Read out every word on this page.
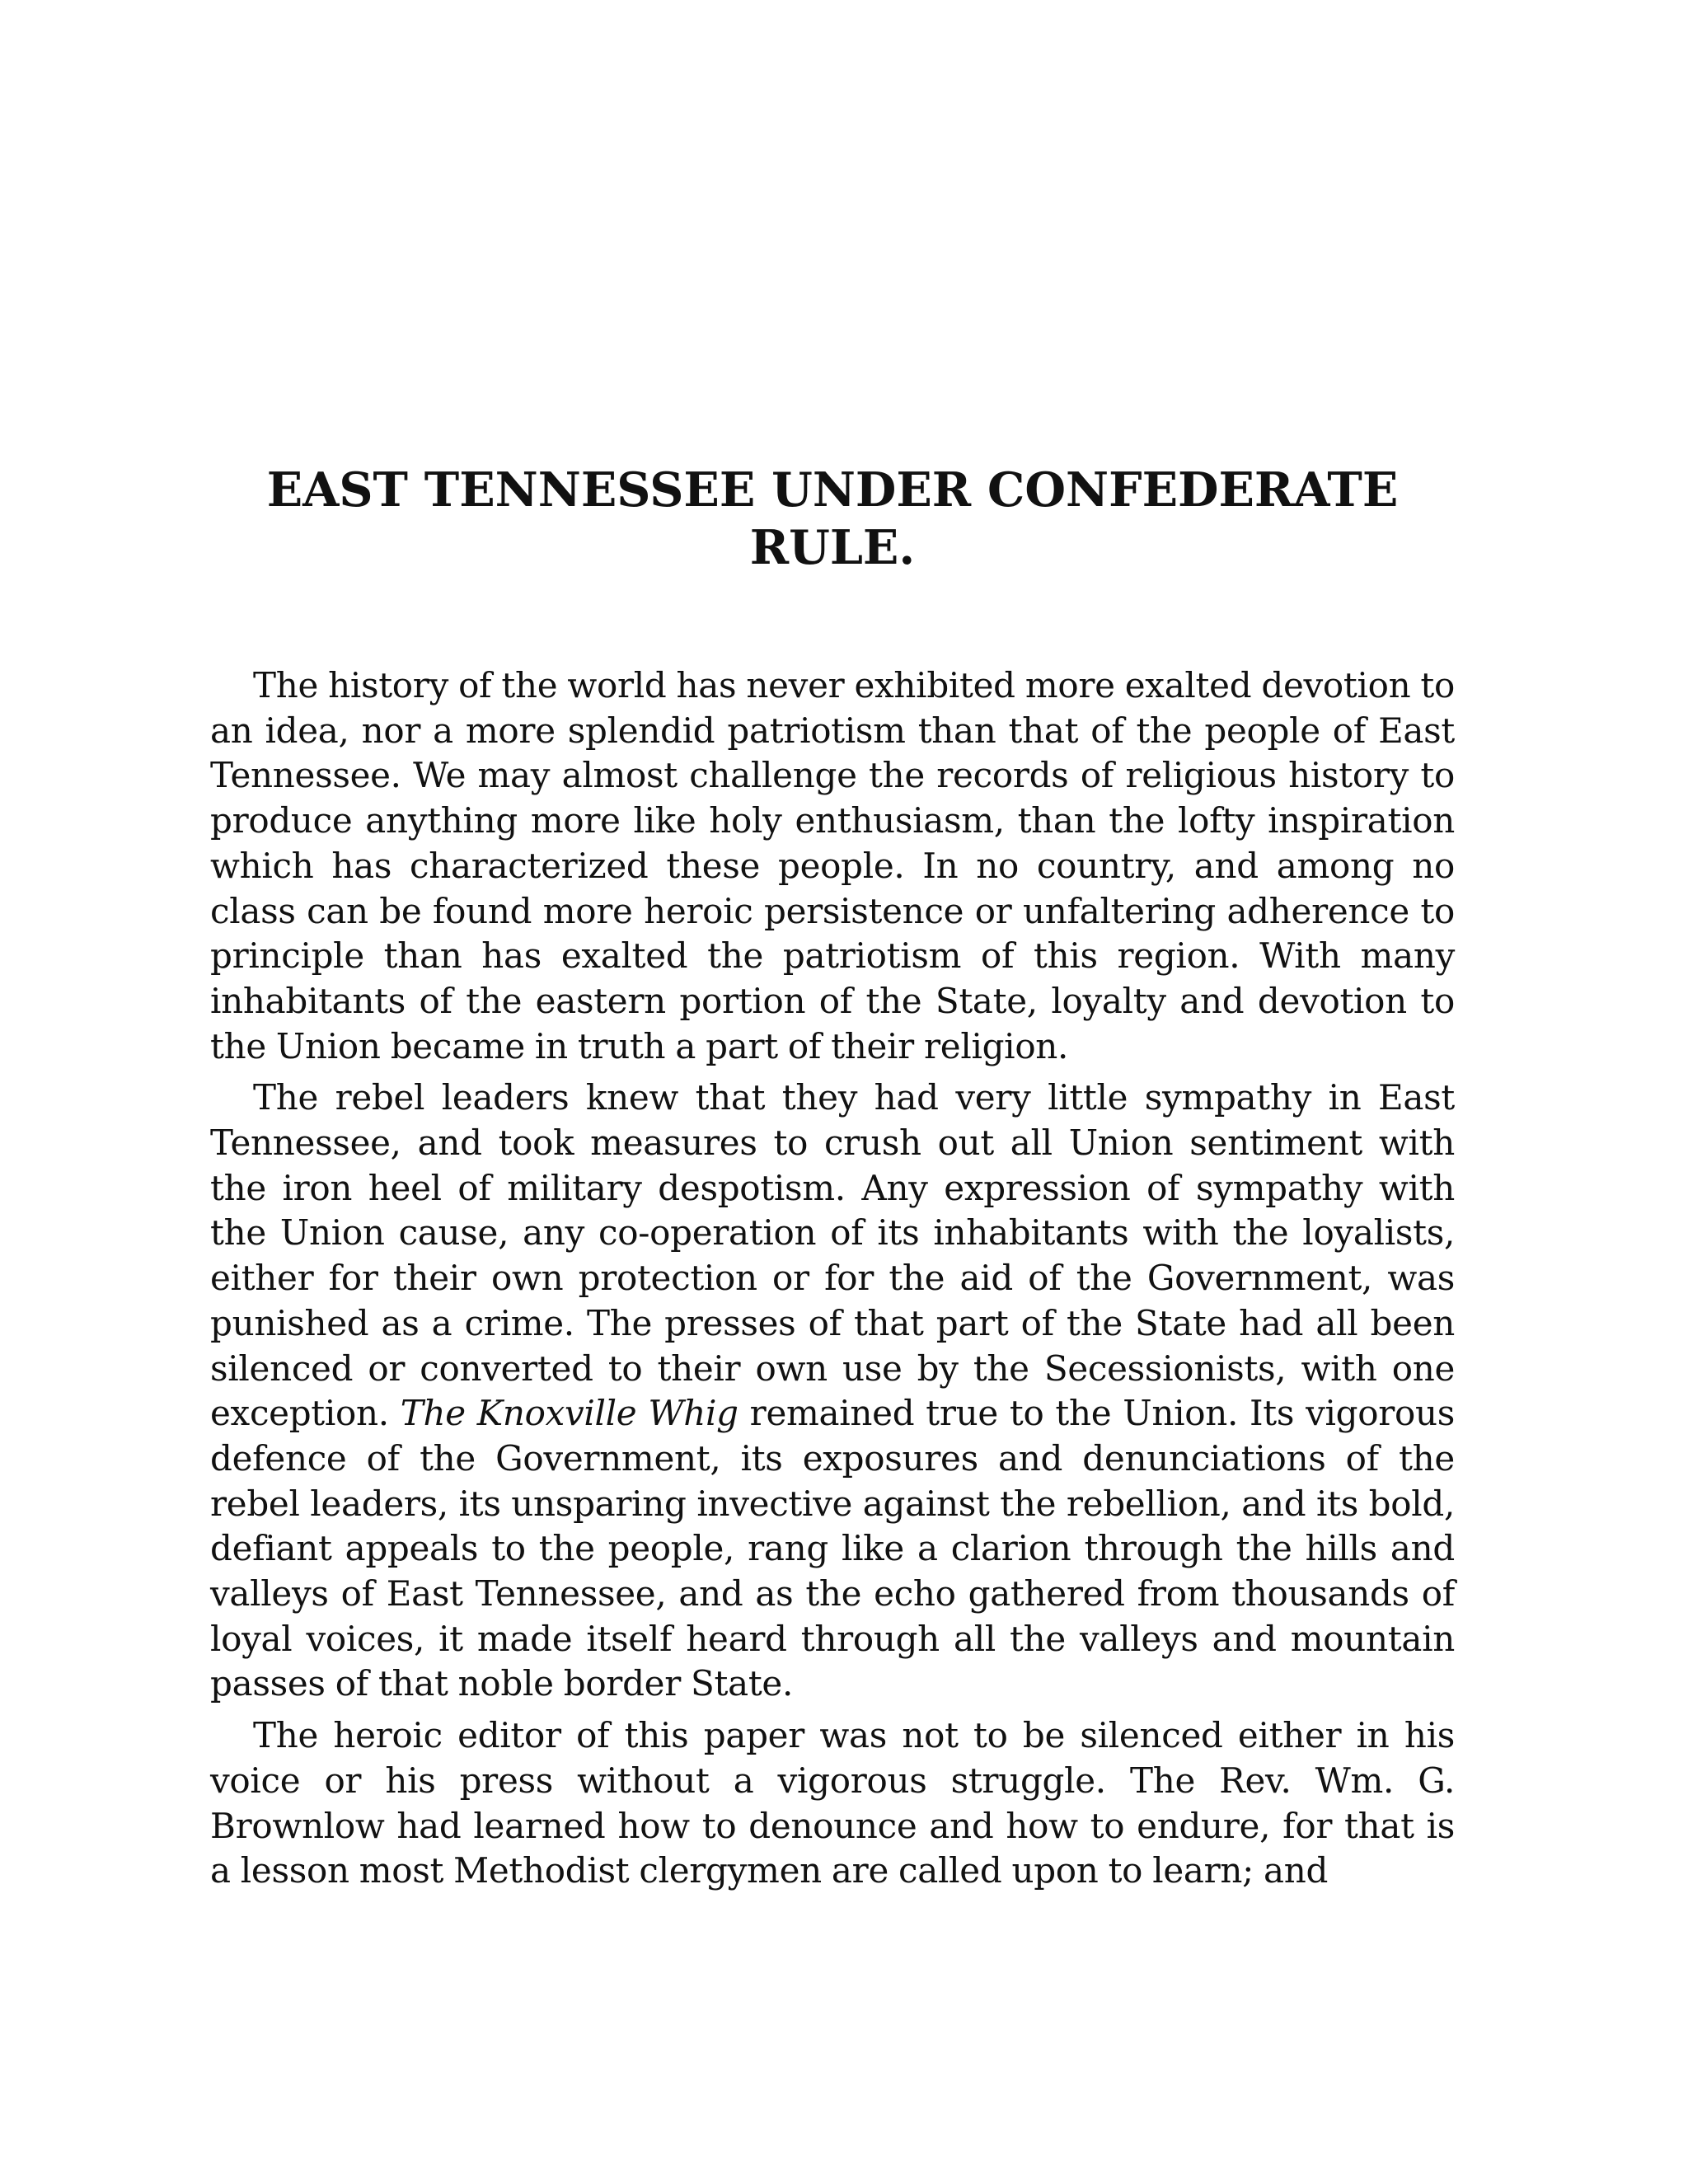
EAST TENNESSEE UNDER CONFEDERATE
RULE.

The history of the world has never exhibited more exalted devotion to an idea, nor a more splendid patriotism than that of the people of East Tennessee. We may almost challenge the records of religious history to produce anything more like holy enthusiasm, than the lofty inspiration which has characterized these people. In no country, and among no class can be found more heroic persistence or unfaltering adherence to principle than has exalted the patriotism of this region. With many inhabitants of the eastern portion of the State, loyalty and devotion to the Union became in truth a part of their religion.

The rebel leaders knew that they had very little sympathy in East Tennessee, and took measures to crush out all Union sentiment with the iron heel of military despotism. Any expression of sympathy with the Union cause, any co-operation of its inhabitants with the loyalists, either for their own protection or for the aid of the Government, was punished as a crime. The presses of that part of the State had all been silenced or converted to their own use by the Secessionists, with one exception. The Knoxville Whig remained true to the Union. Its vigorous defence of the Government, its exposures and denunciations of the rebel leaders, its unsparing invective against the rebellion, and its bold, defiant appeals to the people, rang like a clarion through the hills and valleys of East Tennessee, and as the echo gathered from thousands of loyal voices, it made itself heard through all the valleys and mountain passes of that noble border State.

The heroic editor of this paper was not to be silenced either in his voice or his press without a vigorous struggle. The Rev. Wm. G. Brownlow had learned how to denounce and how to endure, for that is a lesson most Methodist clergymen are called upon to learn; and
